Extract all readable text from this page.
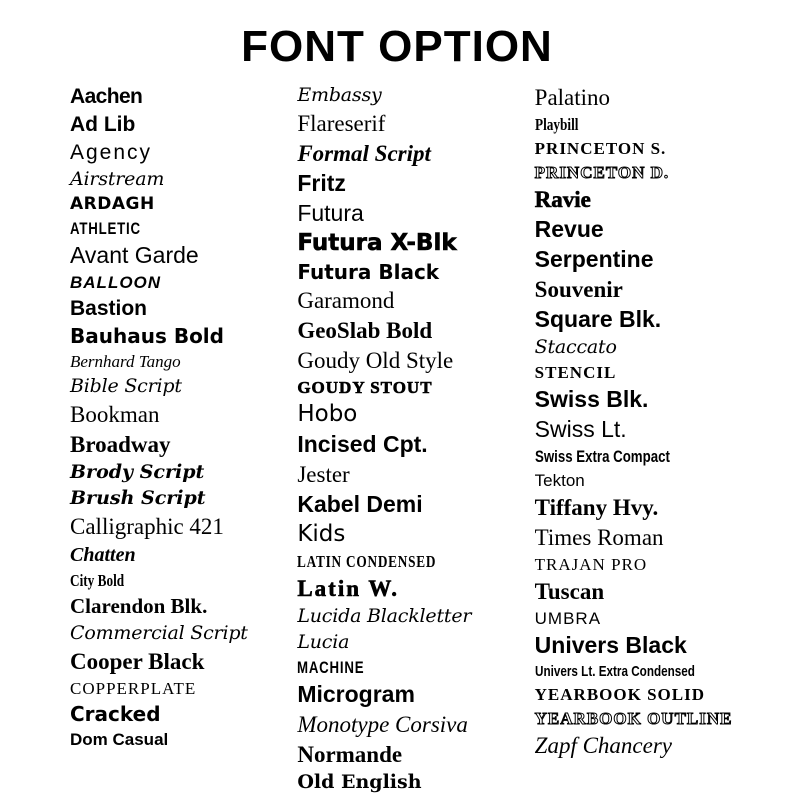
FONT OPTION
Aachen
Ad Lib
Agency
Airstream
ARDAGH
ATHLETIC
Avant Garde
BALLOON
Bastion
Bauhaus Bold
Bernhard Tango
Bible Script
Bookman
Broadway
Brody Script
Brush Script
Calligraphic 421
Chatten
City Bold
Clarendon Blk.
Commercial Script
Cooper Black
COPPERPLATE
Cracked
Dom Casual
Embassy
Flareserif
Formal Script
Fritz
Futura
Futura X-Blk
Futura Black
Garamond
GeoSlab Bold
Goudy Old Style
GOUDY STOUT
Hobo
Incised Cpt.
Jester
Kabel Demi
Kids
LATIN CONDENSED
Latin W.
Lucida Blackletter
Lucia
MACHINE
Microgram
Monotype Corsiva
Normande
Old English
Palatino
Playbill
PRINCETON S.
PRINCETON D.
Ravie
Revue
Serpentine
Souvenir
Square Blk.
Staccato
STENCIL
Swiss Blk.
Swiss Lt.
Swiss Extra Compact
Tekton
Tiffany Hvy.
Times Roman
TRAJAN PRO
Tuscan
UMBRA
Univers Black
Univers Lt. Extra Condensed
YEARBOOK SOLID
YEARBOOK OUTLINE
Zapf Chancery
